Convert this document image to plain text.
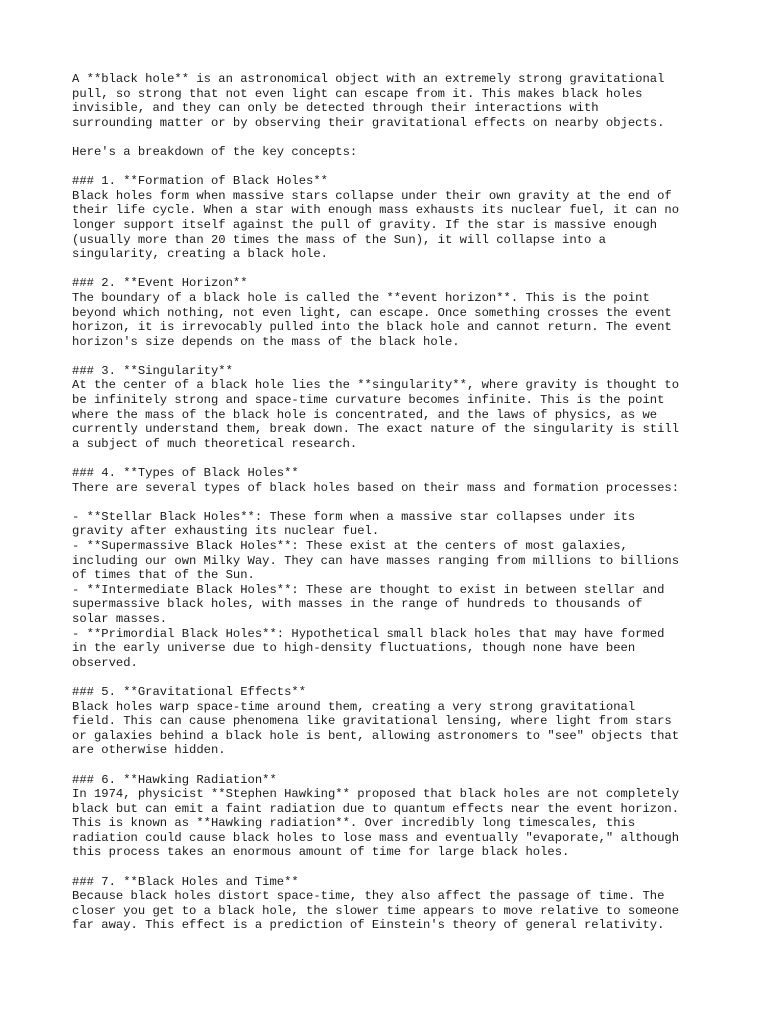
A **black hole** is an astronomical object with an extremely strong gravitational
pull, so strong that not even light can escape from it. This makes black holes
invisible, and they can only be detected through their interactions with
surrounding matter or by observing their gravitational effects on nearby objects.
Here's a breakdown of the key concepts:
### 1. **Formation of Black Holes**
Black holes form when massive stars collapse under their own gravity at the end of
their life cycle. When a star with enough mass exhausts its nuclear fuel, it can no
longer support itself against the pull of gravity. If the star is massive enough
(usually more than 20 times the mass of the Sun), it will collapse into a
singularity, creating a black hole.
### 2. **Event Horizon**
The boundary of a black hole is called the **event horizon**. This is the point
beyond which nothing, not even light, can escape. Once something crosses the event
horizon, it is irrevocably pulled into the black hole and cannot return. The event
horizon's size depends on the mass of the black hole.
### 3. **Singularity**
At the center of a black hole lies the **singularity**, where gravity is thought to
be infinitely strong and space-time curvature becomes infinite. This is the point
where the mass of the black hole is concentrated, and the laws of physics, as we
currently understand them, break down. The exact nature of the singularity is still
a subject of much theoretical research.
### 4. **Types of Black Holes**
There are several types of black holes based on their mass and formation processes:
- **Stellar Black Holes**: These form when a massive star collapses under its
gravity after exhausting its nuclear fuel.
- **Supermassive Black Holes**: These exist at the centers of most galaxies,
including our own Milky Way. They can have masses ranging from millions to billions
of times that of the Sun.
- **Intermediate Black Holes**: These are thought to exist in between stellar and
supermassive black holes, with masses in the range of hundreds to thousands of
solar masses.
- **Primordial Black Holes**: Hypothetical small black holes that may have formed
in the early universe due to high-density fluctuations, though none have been
observed.
### 5. **Gravitational Effects**
Black holes warp space-time around them, creating a very strong gravitational
field. This can cause phenomena like gravitational lensing, where light from stars
or galaxies behind a black hole is bent, allowing astronomers to "see" objects that
are otherwise hidden.
### 6. **Hawking Radiation**
In 1974, physicist **Stephen Hawking** proposed that black holes are not completely
black but can emit a faint radiation due to quantum effects near the event horizon.
This is known as **Hawking radiation**. Over incredibly long timescales, this
radiation could cause black holes to lose mass and eventually "evaporate," although
this process takes an enormous amount of time for large black holes.
### 7. **Black Holes and Time**
Because black holes distort space-time, they also affect the passage of time. The
closer you get to a black hole, the slower time appears to move relative to someone
far away. This effect is a prediction of Einstein's theory of general relativity.
